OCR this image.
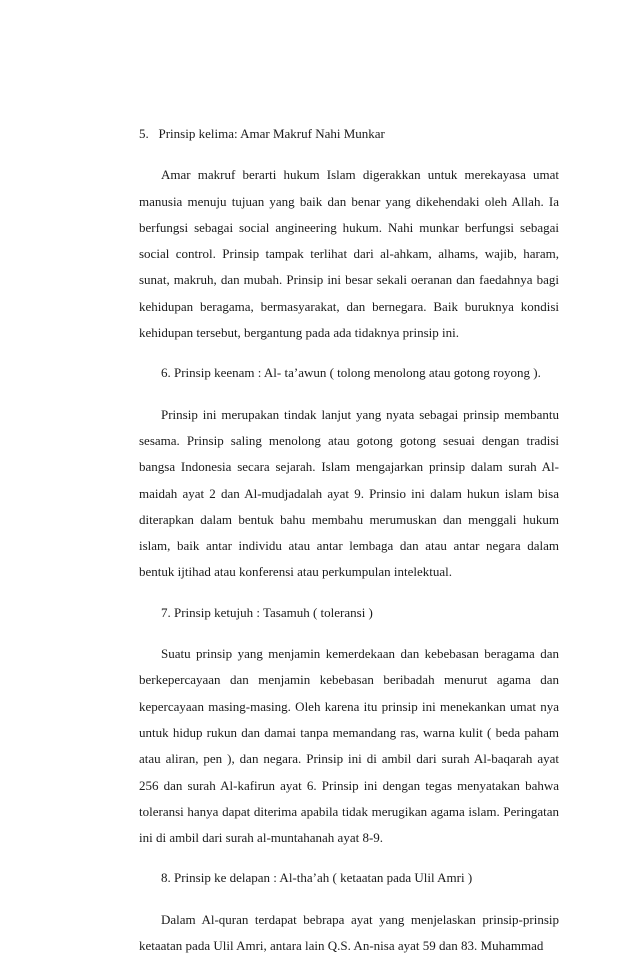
5.   Prinsip kelima: Amar Makruf Nahi Munkar

Amar makruf berarti hukum Islam digerakkan untuk merekayasa umat manusia menuju tujuan yang baik dan benar yang dikehendaki oleh Allah. Ia berfungsi sebagai social angineering hukum. Nahi munkar berfungsi sebagai social control. Prinsip tampak terlihat dari al-ahkam, alhams, wajib, haram, sunat, makruh, dan mubah. Prinsip ini besar sekali oeranan dan faedahnya bagi kehidupan beragama, bermasyarakat, dan bernegara. Baik buruknya kondisi kehidupan tersebut, bergantung pada ada tidaknya prinsip ini.

6. Prinsip keenam : Al- ta’awun ( tolong menolong atau gotong royong ).

Prinsip ini merupakan tindak lanjut yang nyata sebagai prinsip membantu sesama. Prinsip saling menolong atau gotong gotong sesuai dengan tradisi bangsa Indonesia secara sejarah. Islam mengajarkan prinsip dalam surah Al-maidah ayat 2 dan Al-mudjadalah ayat 9. Prinsio ini dalam hukun islam bisa diterapkan dalam bentuk bahu membahu merumuskan dan menggali hukum islam, baik antar individu atau antar lembaga dan atau antar negara dalam bentuk ijtihad atau konferensi atau perkumpulan intelektual.

7. Prinsip ketujuh : Tasamuh ( toleransi )

Suatu prinsip yang menjamin kemerdekaan dan kebebasan beragama dan berkepercayaan dan menjamin kebebasan beribadah menurut agama dan kepercayaan masing-masing. Oleh karena itu prinsip ini menekankan umat nya untuk hidup rukun dan damai tanpa memandang ras, warna kulit ( beda paham atau aliran, pen ), dan negara. Prinsip ini di ambil dari surah Al-baqarah ayat 256 dan surah Al-kafirun ayat 6. Prinsip ini dengan tegas menyatakan bahwa toleransi hanya dapat diterima apabila tidak merugikan agama islam. Peringatan ini di ambil dari surah al-muntahanah ayat 8-9.

8. Prinsip ke delapan : Al-tha’ah ( ketaatan pada Ulil Amri )

Dalam Al-quran terdapat bebrapa ayat yang menjelaskan prinsip-prinsip ketaatan pada Ulil Amri, antara lain Q.S. An-nisa ayat 59 dan 83. Muhammad
